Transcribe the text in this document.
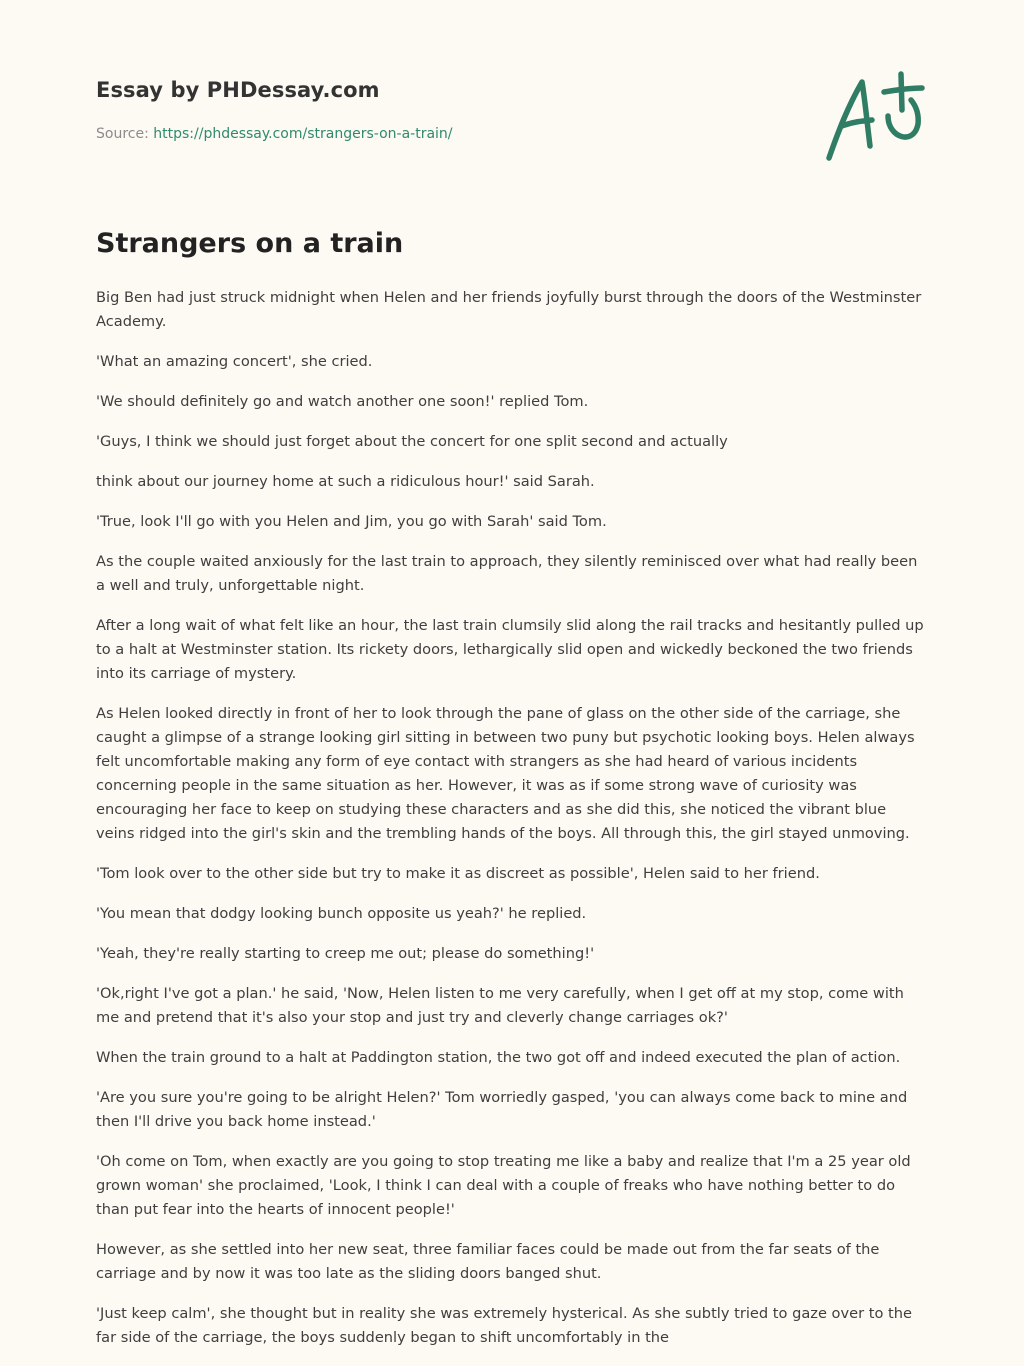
Essay by PHDessay.com
Source: https://phdessay.com/strangers-on-a-train/
Strangers on a train

Big Ben had just struck midnight when Helen and her friends joyfully burst through the doors of the Westminster Academy.

'What an amazing concert', she cried.

'We should definitely go and watch another one soon!' replied Tom.

'Guys, I think we should just forget about the concert for one split second and actually

think about our journey home at such a ridiculous hour!' said Sarah.

'True, look I'll go with you Helen and Jim, you go with Sarah' said Tom.

As the couple waited anxiously for the last train to approach, they silently reminisced over what had really been a well and truly, unforgettable night.

After a long wait of what felt like an hour, the last train clumsily slid along the rail tracks and hesitantly pulled up to a halt at Westminster station. Its rickety doors, lethargically slid open and wickedly beckoned the two friends into its carriage of mystery.

As Helen looked directly in front of her to look through the pane of glass on the other side of the carriage, she caught a glimpse of a strange looking girl sitting in between two puny but psychotic looking boys. Helen always felt uncomfortable making any form of eye contact with strangers as she had heard of various incidents concerning people in the same situation as her. However, it was as if some strong wave of curiosity was encouraging her face to keep on studying these characters and as she did this, she noticed the vibrant blue veins ridged into the girl's skin and the trembling hands of the boys. All through this, the girl stayed unmoving.

'Tom look over to the other side but try to make it as discreet as possible', Helen said to her friend.

'You mean that dodgy looking bunch opposite us yeah?' he replied.

'Yeah, they're really starting to creep me out; please do something!'

'Ok,right I've got a plan.' he said, 'Now, Helen listen to me very carefully, when I get off at my stop, come with me and pretend that it's also your stop and just try and cleverly change carriages ok?'

When the train ground to a halt at Paddington station, the two got off and indeed executed the plan of action.

'Are you sure you're going to be alright Helen?' Tom worriedly gasped, 'you can always come back to mine and then I'll drive you back home instead.'

'Oh come on Tom, when exactly are you going to stop treating me like a baby and realize that I'm a 25 year old grown woman' she proclaimed, 'Look, I think I can deal with a couple of freaks who have nothing better to do than put fear into the hearts of innocent people!'

However, as she settled into her new seat, three familiar faces could be made out from the far seats of the carriage and by now it was too late as the sliding doors banged shut.

'Just keep calm', she thought but in reality she was extremely hysterical. As she subtly tried to gaze over to the far side of the carriage, the boys suddenly began to shift uncomfortably in the
